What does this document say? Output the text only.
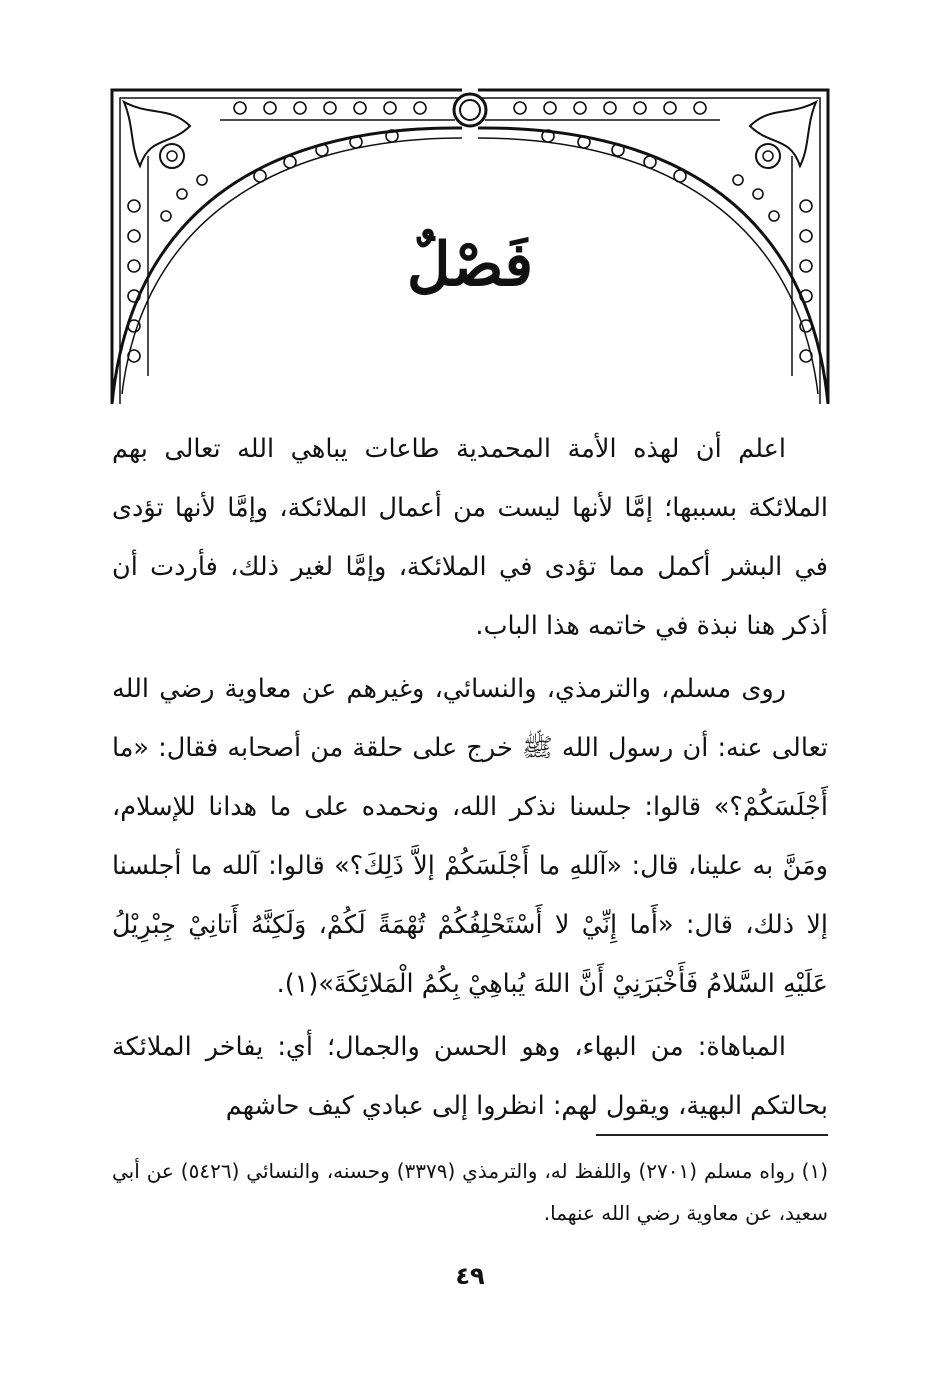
فَصْلٌ

اعلم أن لهذه الأمة المحمدية طاعات يباهي الله تعالى بهم الملائكة بسببها؛ إمَّا لأنها ليست من أعمال الملائكة، وإمَّا لأنها تؤدى في البشر أكمل مما تؤدى في الملائكة، وإمَّا لغير ذلك، فأردت أن أذكر هنا نبذة في خاتمه هذا الباب.

روى مسلم، والترمذي، والنسائي، وغيرهم عن معاوية رضي الله تعالى عنه: أن رسول الله ﷺ خرج على حلقة من أصحابه فقال: «ما أَجْلَسَكُمْ؟» قالوا: جلسنا نذكر الله، ونحمده على ما هدانا للإسلام، ومَنَّ به علينا، قال: «آللهِ ما أَجْلَسَكُمْ إلاَّ ذَلِكَ؟» قالوا: آلله ما أجلسنا إلا ذلك، قال: «أَما إِنِّيْ لا أَسْتَحْلِفُكُمْ تُهْمَةً لَكُمْ، وَلَكِنَّهُ أَتانِيْ جِبْرِيْلُ عَلَيْهِ السَّلامُ فَأَخْبَرَنِيْ أَنَّ اللهَ يُباهِيْ بِكُمُ الْمَلائِكَةَ»(١).

المباهاة: من البهاء، وهو الحسن والجمال؛ أي: يفاخر الملائكة بحالتكم البهية، ويقول لهم: انظروا إلى عبادي كيف حاشهم

(١) رواه مسلم (٢٧٠١) واللفظ له، والترمذي (٣٣٧٩) وحسنه، والنسائي (٥٤٢٦) عن أبي سعيد، عن معاوية رضي الله عنهما.

٤٩
